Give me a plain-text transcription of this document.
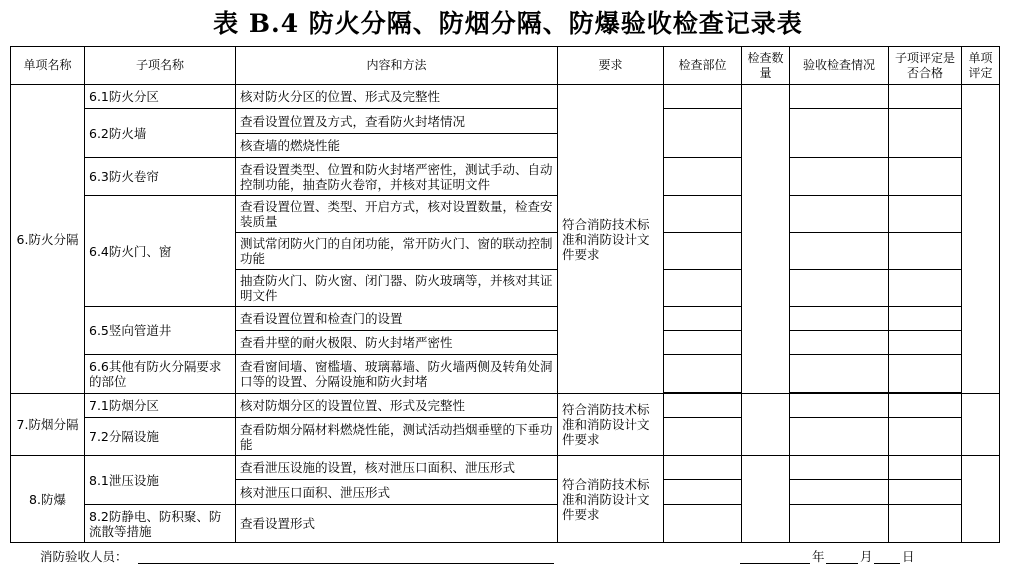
表 B.4 防火分隔、防烟分隔、防爆验收检查记录表
单项名称	子项名称	内容和方法	要求	检查部位	检查数量	验收检查情况	子项评定是否合格	单项评定
6.防火分隔	6.1防火分区	核对防火分区的位置、形式及完整性	符合消防技术标准和消防设计文件要求					
	6.2防火墙	查看设置位置及方式，查看防火封堵情况						
		核查墙的燃烧性能						
	6.3防火卷帘	查看设置类型、位置和防火封堵严密性，测试手动、自动控制功能，抽查防火卷帘，并核对其证明文件						
	6.4防火门、窗	查看设置位置、类型、开启方式，核对设置数量，检查安装质量						
		测试常闭防火门的自闭功能，常开防火门、窗的联动控制功能						
		抽查防火门、防火窗、闭门器、防火玻璃等，并核对其证明文件						
	6.5竖向管道井	查看设置位置和检查门的设置						
		查看井壁的耐火极限、防火封堵严密性						
	6.6其他有防火分隔要求的部位	查看窗间墙、窗槛墙、玻璃幕墙、防火墙两侧及转角处洞口等的设置、分隔设施和防火封堵						

7.防烟分隔	7.1防烟分区	核对防烟分区的设置位置、形式及完整性	符合消防技术标准和消防设计文件要求					
	7.2分隔设施	查看防烟分隔材料燃烧性能，测试活动挡烟垂壁的下垂功能						
8.防爆	8.1泄压设施	查看泄压设施的设置，核对泄压口面积、泄压形式	符合消防技术标准和消防设计文件要求					
		核对泄压口面积、泄压形式						
	8.2防静电、防积聚、防流散等措施	查看设置形式						
消防验收人员：	年	月 日
